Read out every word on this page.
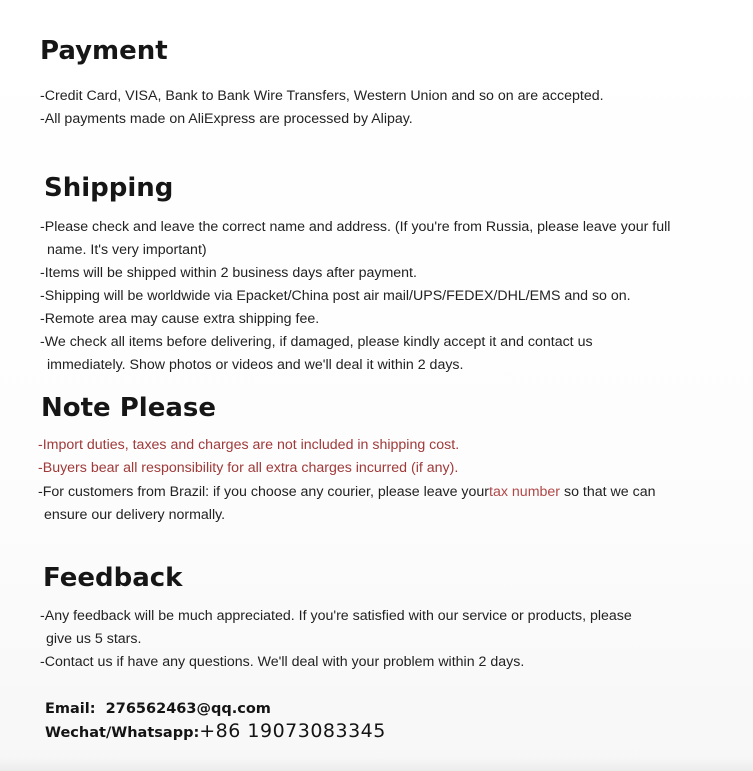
Payment
-Credit Card, VISA, Bank to Bank Wire Transfers, Western Union and so on are accepted.
-All payments made on AliExpress are processed by Alipay.
Shipping
-Please check and leave the correct name and address. (If you're from Russia, please leave your full
name. It's very important)
-Items will be shipped within 2 business days after payment.
-Shipping will be worldwide via Epacket/China post air mail/UPS/FEDEX/DHL/EMS and so on.
-Remote area may cause extra shipping fee.
-We check all items before delivering, if damaged, please kindly accept it and contact us
immediately. Show photos or videos and we'll deal it within 2 days.
Note Please
-Import duties, taxes and charges are not included in shipping cost.
-Buyers bear all responsibility for all extra charges incurred (if any).
-For customers from Brazil: if you choose any courier, please leave yourtax number so that we can
ensure our delivery normally.
Feedback
-Any feedback will be much appreciated. If you're satisfied with our service or products, please
give us 5 stars.
-Contact us if have any questions. We'll deal with your problem within 2 days.
Email: 276562463@qq.com
Wechat/Whatsapp:+86 19073083345
